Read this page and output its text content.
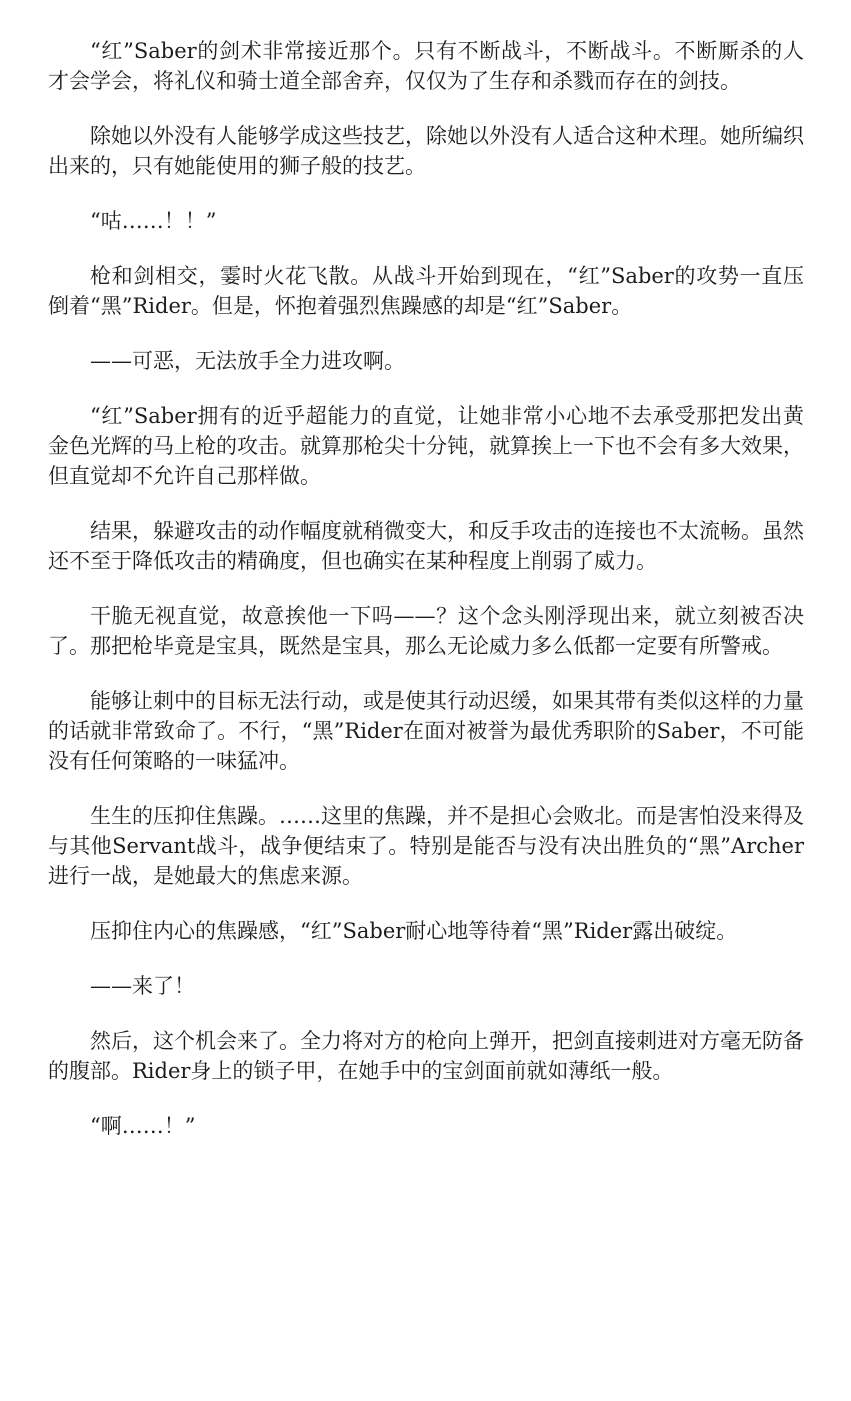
“红”Saber的剑术非常接近那个。只有不断战斗，不断战斗。不断厮杀的人才会学会，将礼仪和骑士道全部舍弃，仅仅为了生存和杀戮而存在的剑技。

除她以外没有人能够学成这些技艺，除她以外没有人适合这种术理。她所编织出来的，只有她能使用的狮子般的技艺。

“咕……！！”

枪和剑相交，霎时火花飞散。从战斗开始到现在，“红”Saber的攻势一直压倒着“黑”Rider。但是，怀抱着强烈焦躁感的却是“红”Saber。

——可恶，无法放手全力进攻啊。

“红”Saber拥有的近乎超能力的直觉，让她非常小心地不去承受那把发出黄金色光辉的马上枪的攻击。就算那枪尖十分钝，就算挨上一下也不会有多大效果，但直觉却不允许自己那样做。

结果，躲避攻击的动作幅度就稍微变大，和反手攻击的连接也不太流畅。虽然还不至于降低攻击的精确度，但也确实在某种程度上削弱了威力。

干脆无视直觉，故意挨他一下吗——？这个念头刚浮现出来，就立刻被否决了。那把枪毕竟是宝具，既然是宝具，那么无论威力多么低都一定要有所警戒。

能够让刺中的目标无法行动，或是使其行动迟缓，如果其带有类似这样的力量的话就非常致命了。不行，“黑”Rider在面对被誉为最优秀职阶的Saber，不可能没有任何策略的一味猛冲。

生生的压抑住焦躁。……这里的焦躁，并不是担心会败北。而是害怕没来得及与其他Servant战斗，战争便结束了。特别是能否与没有决出胜负的“黑”Archer进行一战，是她最大的焦虑来源。

压抑住内心的焦躁感，“红”Saber耐心地等待着“黑”Rider露出破绽。

——来了！

然后，这个机会来了。全力将对方的枪向上弹开，把剑直接刺进对方毫无防备的腹部。Rider身上的锁子甲，在她手中的宝剑面前就如薄纸一般。

“啊……！”
